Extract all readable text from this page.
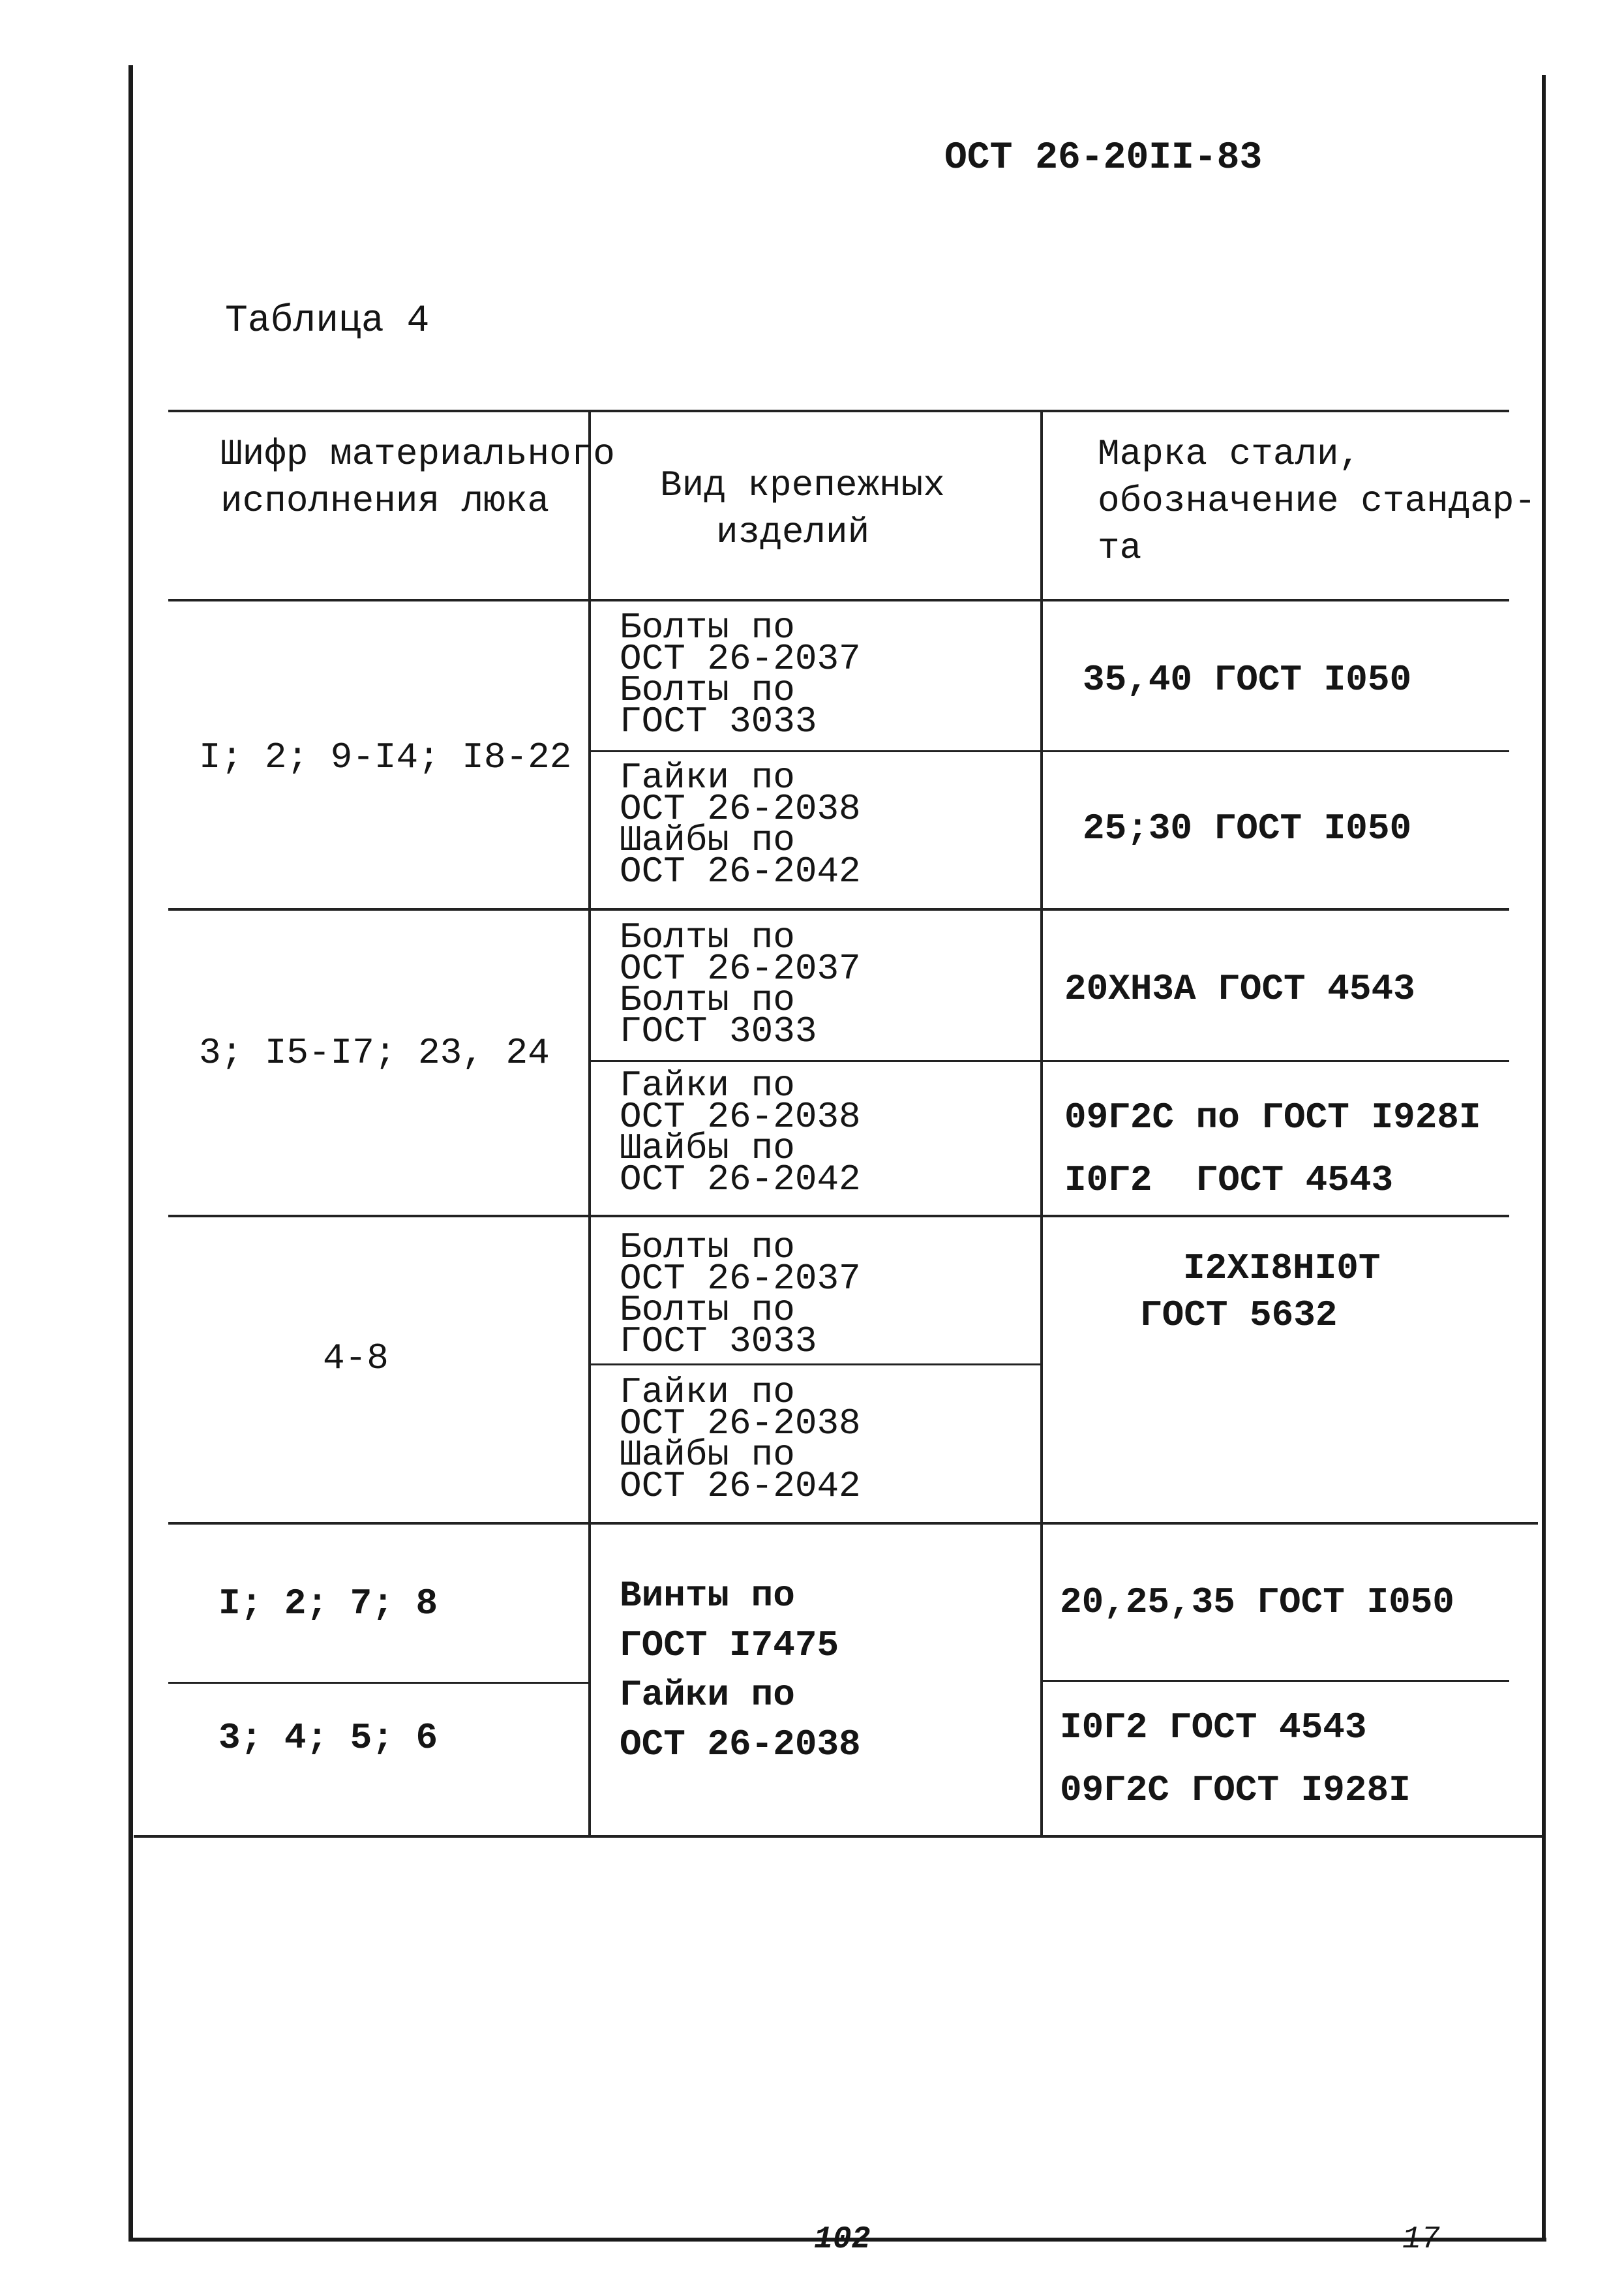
ОСТ 26-20II-83
Таблица 4
Шифр материального
исполнения люка	Вид крепежных
изделий
Марка стали,
обозначение стандар-
та
I; 2; 9-I4; I8-22
Болты по
ОСТ 26-2037
Болты по
ГОСТ 3033
35,40 ГОСТ I050
Гайки по
ОСТ 26-2038
Шайбы по
ОСТ 26-2042
25;30 ГОСТ I050
3; I5-I7; 23, 24
Болты по
ОСТ 26-2037
Болты по
ГОСТ 3033
20ХН3А ГОСТ 4543
Гайки по
ОСТ 26-2038
Шайбы по
ОСТ 26-2042
09Г2С по ГОСТ I928I
I0Г2  ГОСТ 4543
4-8
Болты по
ОСТ 26-2037
Болты по
ГОСТ 3033
Гайки по
ОСТ 26-2038
Шайбы по
ОСТ 26-2042
I2ХI8НI0Т
ГОСТ 5632
I; 2; 7; 8
3; 4; 5; 6
Винты по
ГОСТ I7475
Гайки по
ОСТ 26-2038
20,25,35 ГОСТ I050
I0Г2 ГОСТ 4543
09Г2С ГОСТ I928I
102	17
